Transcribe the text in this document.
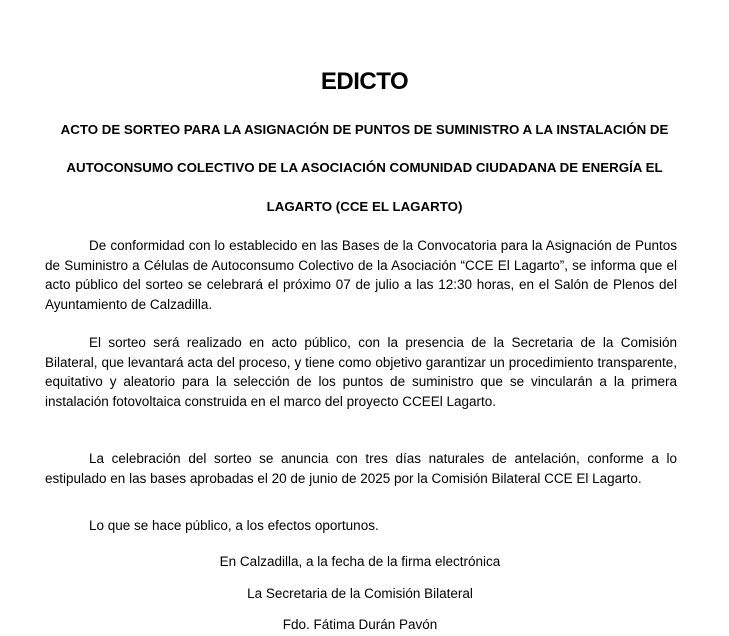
EDICTO
ACTO DE SORTEO PARA LA ASIGNACIÓN DE PUNTOS DE SUMINISTRO A LA INSTALACIÓN DE
AUTOCONSUMO COLECTIVO DE LA ASOCIACIÓN COMUNIDAD CIUDADANA DE ENERGÍA EL
LAGARTO (CCE EL LAGARTO)

De conformidad con lo establecido en las Bases de la Convocatoria para la Asignación de Puntos de Suministro a Células de Autoconsumo Colectivo de la Asociación “CCE El Lagarto”, se informa que el acto público del sorteo se celebrará el próximo 07 de julio a las 12:30 horas, en el Salón de Plenos del Ayuntamiento de Calzadilla.

El sorteo será realizado en acto público, con la presencia de la Secretaria de la Comisión Bilateral, que levantará acta del proceso, y tiene como objetivo garantizar un procedimiento transparente, equitativo y aleatorio para la selección de los puntos de suministro que se vincularán a la primera instalación fotovoltaica construida en el marco del proyecto CCEEl Lagarto.

La celebración del sorteo se anuncia con tres días naturales de antelación, conforme a lo estipulado en las bases aprobadas el 20 de junio de 2025 por la Comisión Bilateral CCE El Lagarto.

Lo que se hace público, a los efectos oportunos.
En Calzadilla, a la fecha de la firma electrónica
La Secretaria de la Comisión Bilateral
Fdo. Fátima Durán Pavón
